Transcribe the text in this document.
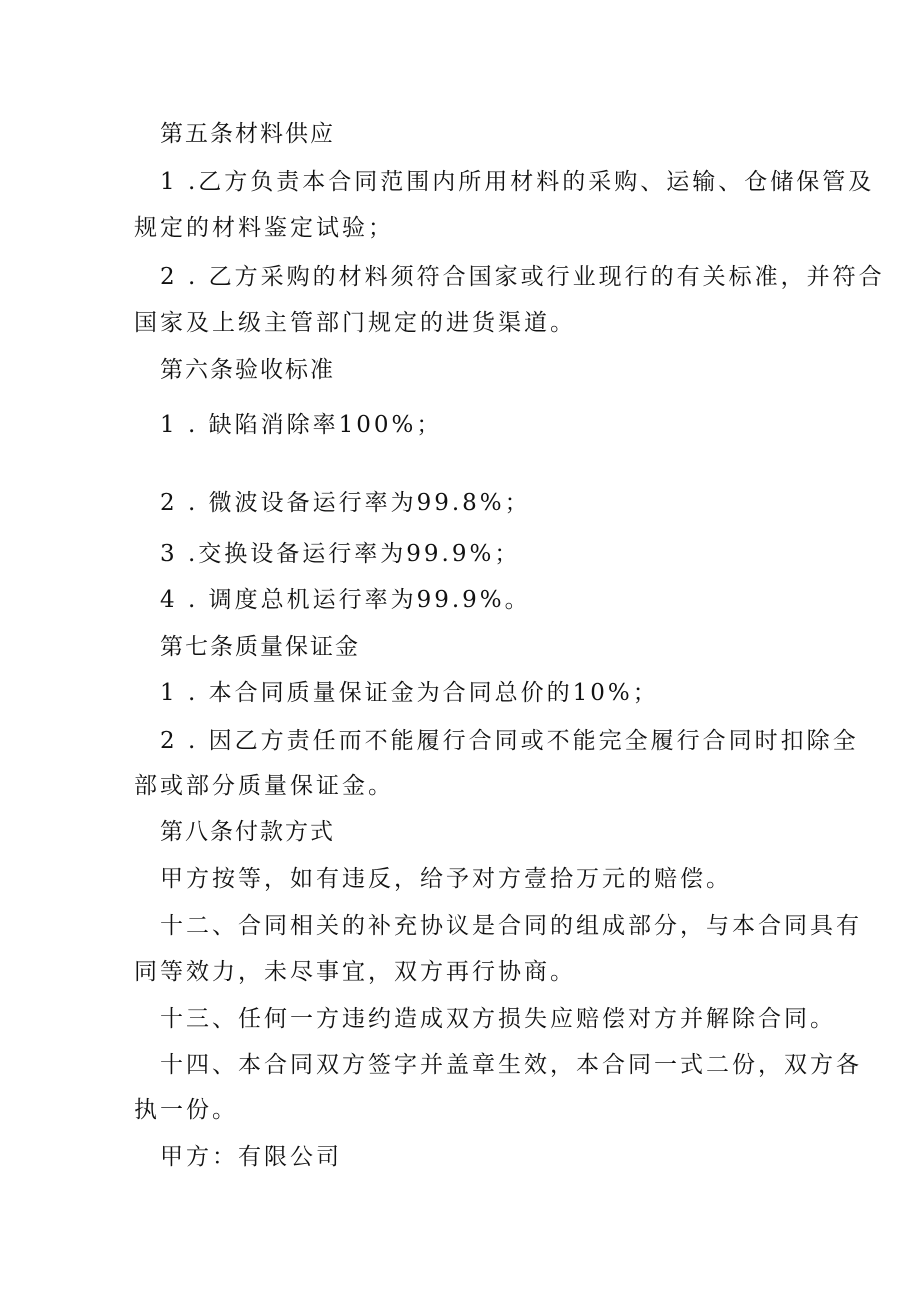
第五条材料供应
1 .乙方负责本合同范围内所用材料的采购、运输、仓储保管及
规定的材料鉴定试验；
2 . 乙方采购的材料须符合国家或行业现行的有关标准，并符合
国家及上级主管部门规定的进货渠道。
第六条验收标准
1 . 缺陷消除率100%；
2 . 微波设备运行率为99.8%；
3 .交换设备运行率为99.9%；
4 . 调度总机运行率为99.9%。
第七条质量保证金
1 . 本合同质量保证金为合同总价的10%；
2 . 因乙方责任而不能履行合同或不能完全履行合同时扣除全
部或部分质量保证金。
第八条付款方式
甲方按等，如有违反，给予对方壹拾万元的赔偿。
十二、合同相关的补充协议是合同的组成部分，与本合同具有
同等效力，未尽事宜，双方再行协商。
十三、任何一方违约造成双方损失应赔偿对方并解除合同。
十四、本合同双方签字并盖章生效，本合同一式二份，双方各
执一份。
甲方：有限公司
